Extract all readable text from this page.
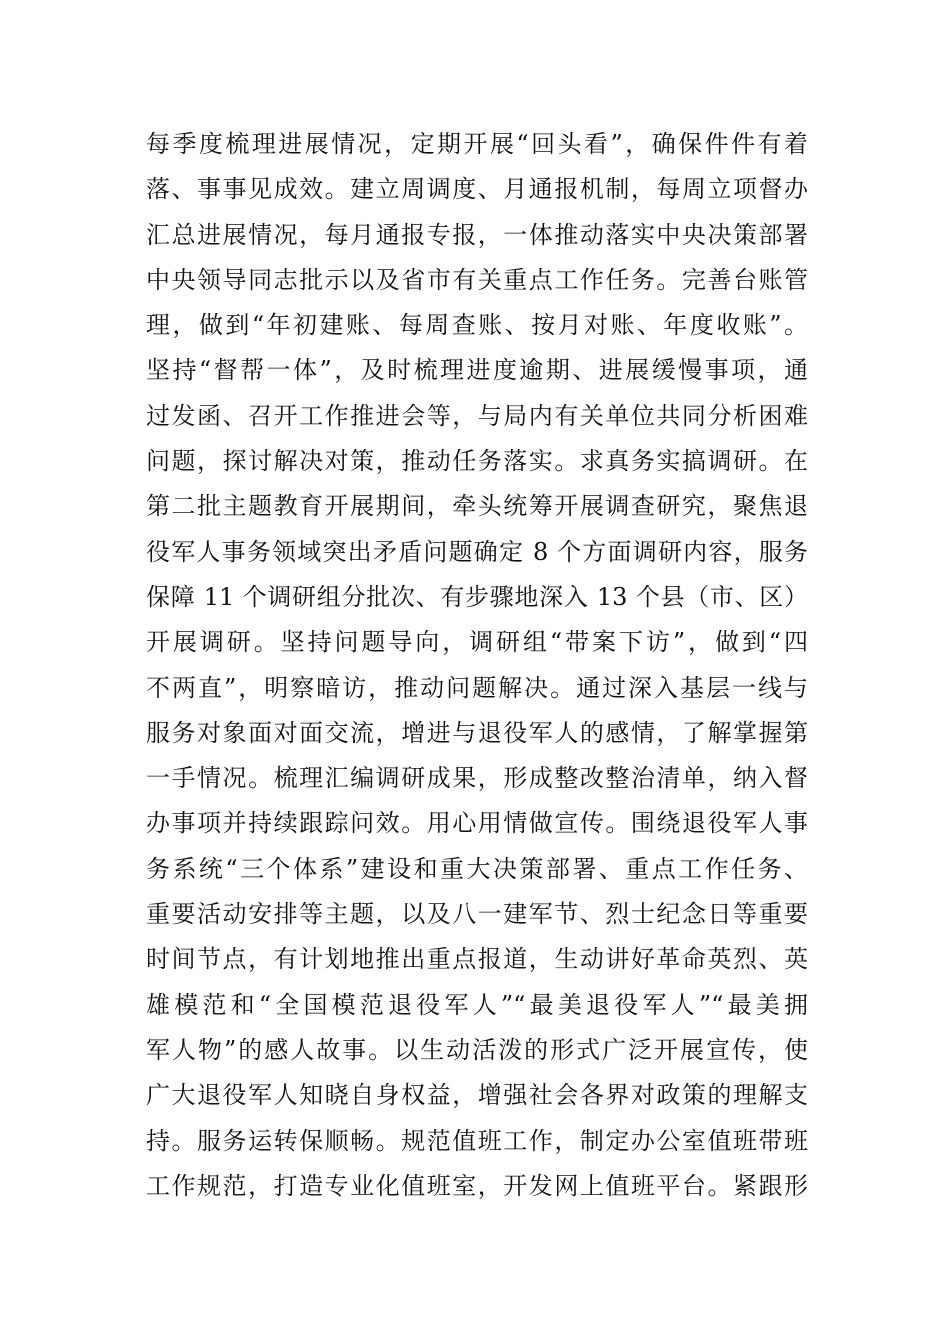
每季度梳理进展情况，定期开展“回头看”，确保件件有着
落、事事见成效。建立周调度、月通报机制，每周立项督办
汇总进展情况，每月通报专报，一体推动落实中央决策部署
中央领导同志批示以及省市有关重点工作任务。完善台账管
理，做到“年初建账、每周查账、按月对账、年度收账”。
坚持“督帮一体”，及时梳理进度逾期、进展缓慢事项，通
过发函、召开工作推进会等，与局内有关单位共同分析困难
问题，探讨解决对策，推动任务落实。求真务实搞调研。在
第二批主题教育开展期间，牵头统筹开展调查研究，聚焦退
役军人事务领域突出矛盾问题确定 8 个方面调研内容，服务
保障 11 个调研组分批次、有步骤地深入 13 个县（市、区）
开展调研。坚持问题导向，调研组“带案下访”，做到“四
不两直”，明察暗访，推动问题解决。通过深入基层一线与
服务对象面对面交流，增进与退役军人的感情，了解掌握第
一手情况。梳理汇编调研成果，形成整改整治清单，纳入督
办事项并持续跟踪问效。用心用情做宣传。围绕退役军人事
务系统“三个体系”建设和重大决策部署、重点工作任务、
重要活动安排等主题，以及八一建军节、烈士纪念日等重要
时间节点，有计划地推出重点报道，生动讲好革命英烈、英
雄模范和“全国模范退役军人”“最美退役军人”“最美拥
军人物”的感人故事。以生动活泼的形式广泛开展宣传，使
广大退役军人知晓自身权益，增强社会各界对政策的理解支
持。服务运转保顺畅。规范值班工作，制定办公室值班带班
工作规范，打造专业化值班室，开发网上值班平台。紧跟形
